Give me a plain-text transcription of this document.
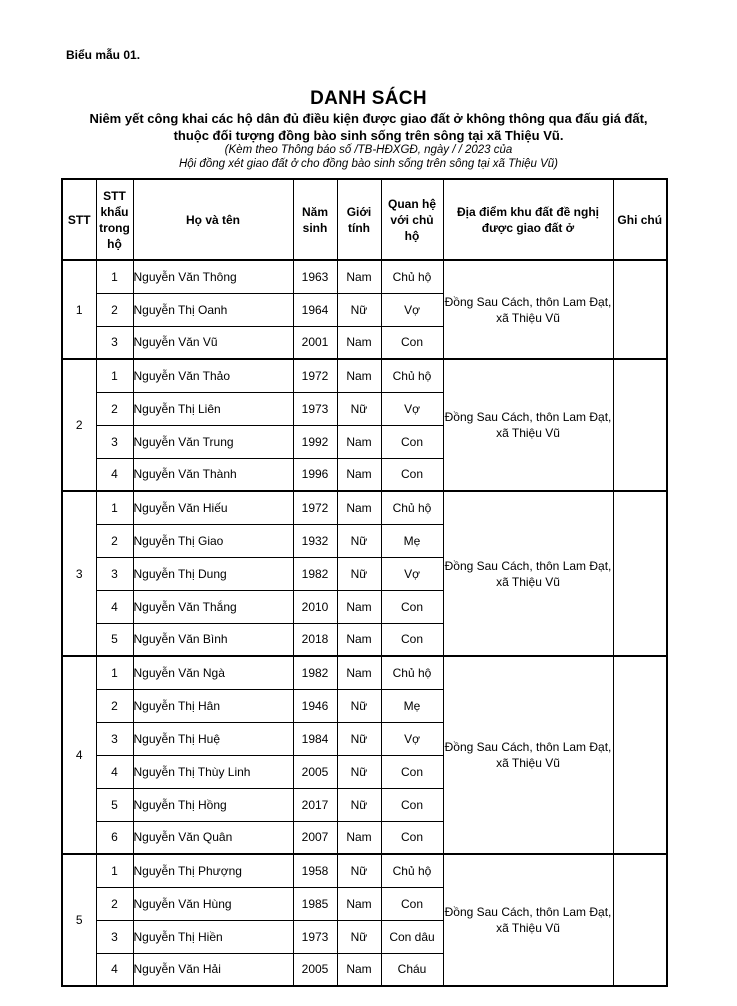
Biểu mẫu 01.
DANH SÁCH
Niêm yết công khai các hộ dân đủ điều kiện được giao đất ở không thông qua đấu giá đất,
thuộc đối tượng đồng bào sinh sống trên sông tại xã Thiệu Vũ.
(Kèm theo Thông báo số /TB-HĐXGĐ, ngày / / 2023 của
Hội đồng xét giao đất ở cho đồng bào sinh sống trên sông tại xã Thiệu Vũ)
STT	STT khẩu trong hộ	Họ và tên	Năm sinh	Giới tính	Quan hệ với chủ hộ	Địa điểm khu đất đề nghị được giao đất ở	Ghi chú
1	1	Nguyễn Văn Thông	1963	Nam	Chủ hộ	Đồng Sau Cách, thôn Lam Đạt,
xã Thiệu Vũ	

	2	Nguyễn Thị Oanh	1964	Nữ	Vợ		
	3	Nguyễn Văn Vũ	2001	Nam	Con		
2	1	Nguyễn Văn Thảo	1972	Nam	Chủ hộ	Đồng Sau Cách, thôn Lam Đạt,
xã Thiệu Vũ	

	2	Nguyễn Thị Liên	1973	Nữ	Vợ		
	3	Nguyễn Văn Trung	1992	Nam	Con		
	4	Nguyễn Văn Thành	1996	Nam	Con		
3	1	Nguyễn Văn Hiếu	1972	Nam	Chủ hộ	Đồng Sau Cách, thôn Lam Đạt,
xã Thiệu Vũ	

	2	Nguyễn Thị Giao	1932	Nữ	Mẹ		
	3	Nguyễn Thị Dung	1982	Nữ	Vợ		
	4	Nguyễn Văn Thắng	2010	Nam	Con		
	5	Nguyễn Văn Bình	2018	Nam	Con		
4	1	Nguyễn Văn Ngà	1982	Nam	Chủ hộ	Đồng Sau Cách, thôn Lam Đạt,
xã Thiệu Vũ	

	2	Nguyễn Thị Hân	1946	Nữ	Mẹ		
	3	Nguyễn Thị Huệ	1984	Nữ	Vợ		
	4	Nguyễn Thị Thùy Linh	2005	Nữ	Con		
	5	Nguyễn Thị Hồng	2017	Nữ	Con		
	6	Nguyễn Văn Quân	2007	Nam	Con		
5	1	Nguyễn Thị Phượng	1958	Nữ	Chủ hộ	Đồng Sau Cách, thôn Lam Đạt,
xã Thiệu Vũ	

	2	Nguyễn Văn Hùng	1985	Nam	Con		
	3	Nguyễn Thị Hiền	1973	Nữ	Con dâu		
	4	Nguyễn Văn Hải	2005	Nam	Cháu		
